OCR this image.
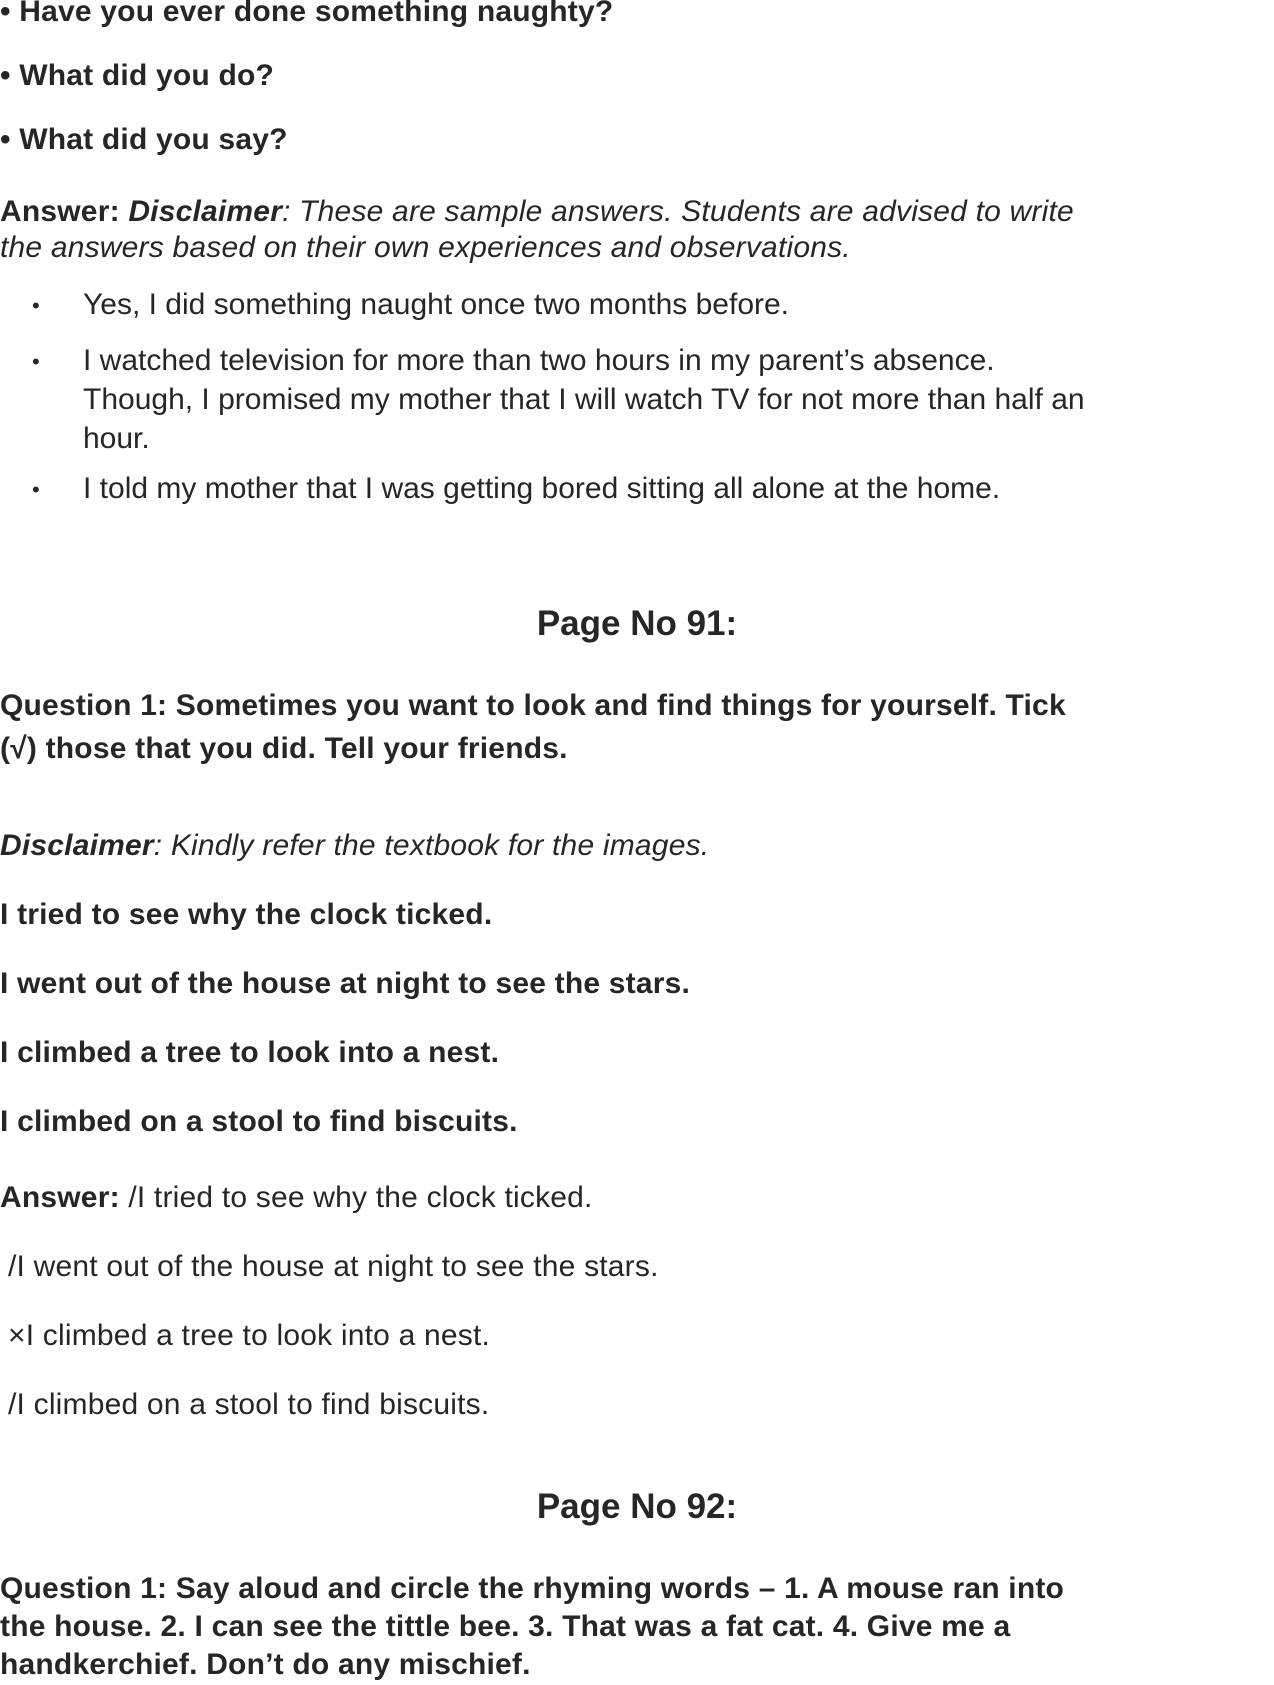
• Have you ever done something naughty?
• What did you do?
• What did you say?
Answer: Disclaimer: These are sample answers. Students are advised to write
the answers based on their own experiences and observations.
• Yes, I did something naught once two months before.
• I watched television for more than two hours in my parent’s absence.
Though, I promised my mother that I will watch TV for not more than half an
hour.
• I told my mother that I was getting bored sitting all alone at the home.
Page No 91:
Question 1: Sometimes you want to look and find things for yourself. Tick
(√) those that you did. Tell your friends.
Disclaimer: Kindly refer the textbook for the images.
I tried to see why the clock ticked.
I went out of the house at night to see the stars.
I climbed a tree to look into a nest.
I climbed on a stool to find biscuits.
Answer: /I tried to see why the clock ticked.
/I went out of the house at night to see the stars.
×I climbed a tree to look into a nest.
/I climbed on a stool to find biscuits.
Page No 92:
Question 1: Say aloud and circle the rhyming words – 1. A mouse ran into
the house. 2. I can see the tittle bee. 3. That was a fat cat. 4. Give me a
handkerchief. Don’t do any mischief.
